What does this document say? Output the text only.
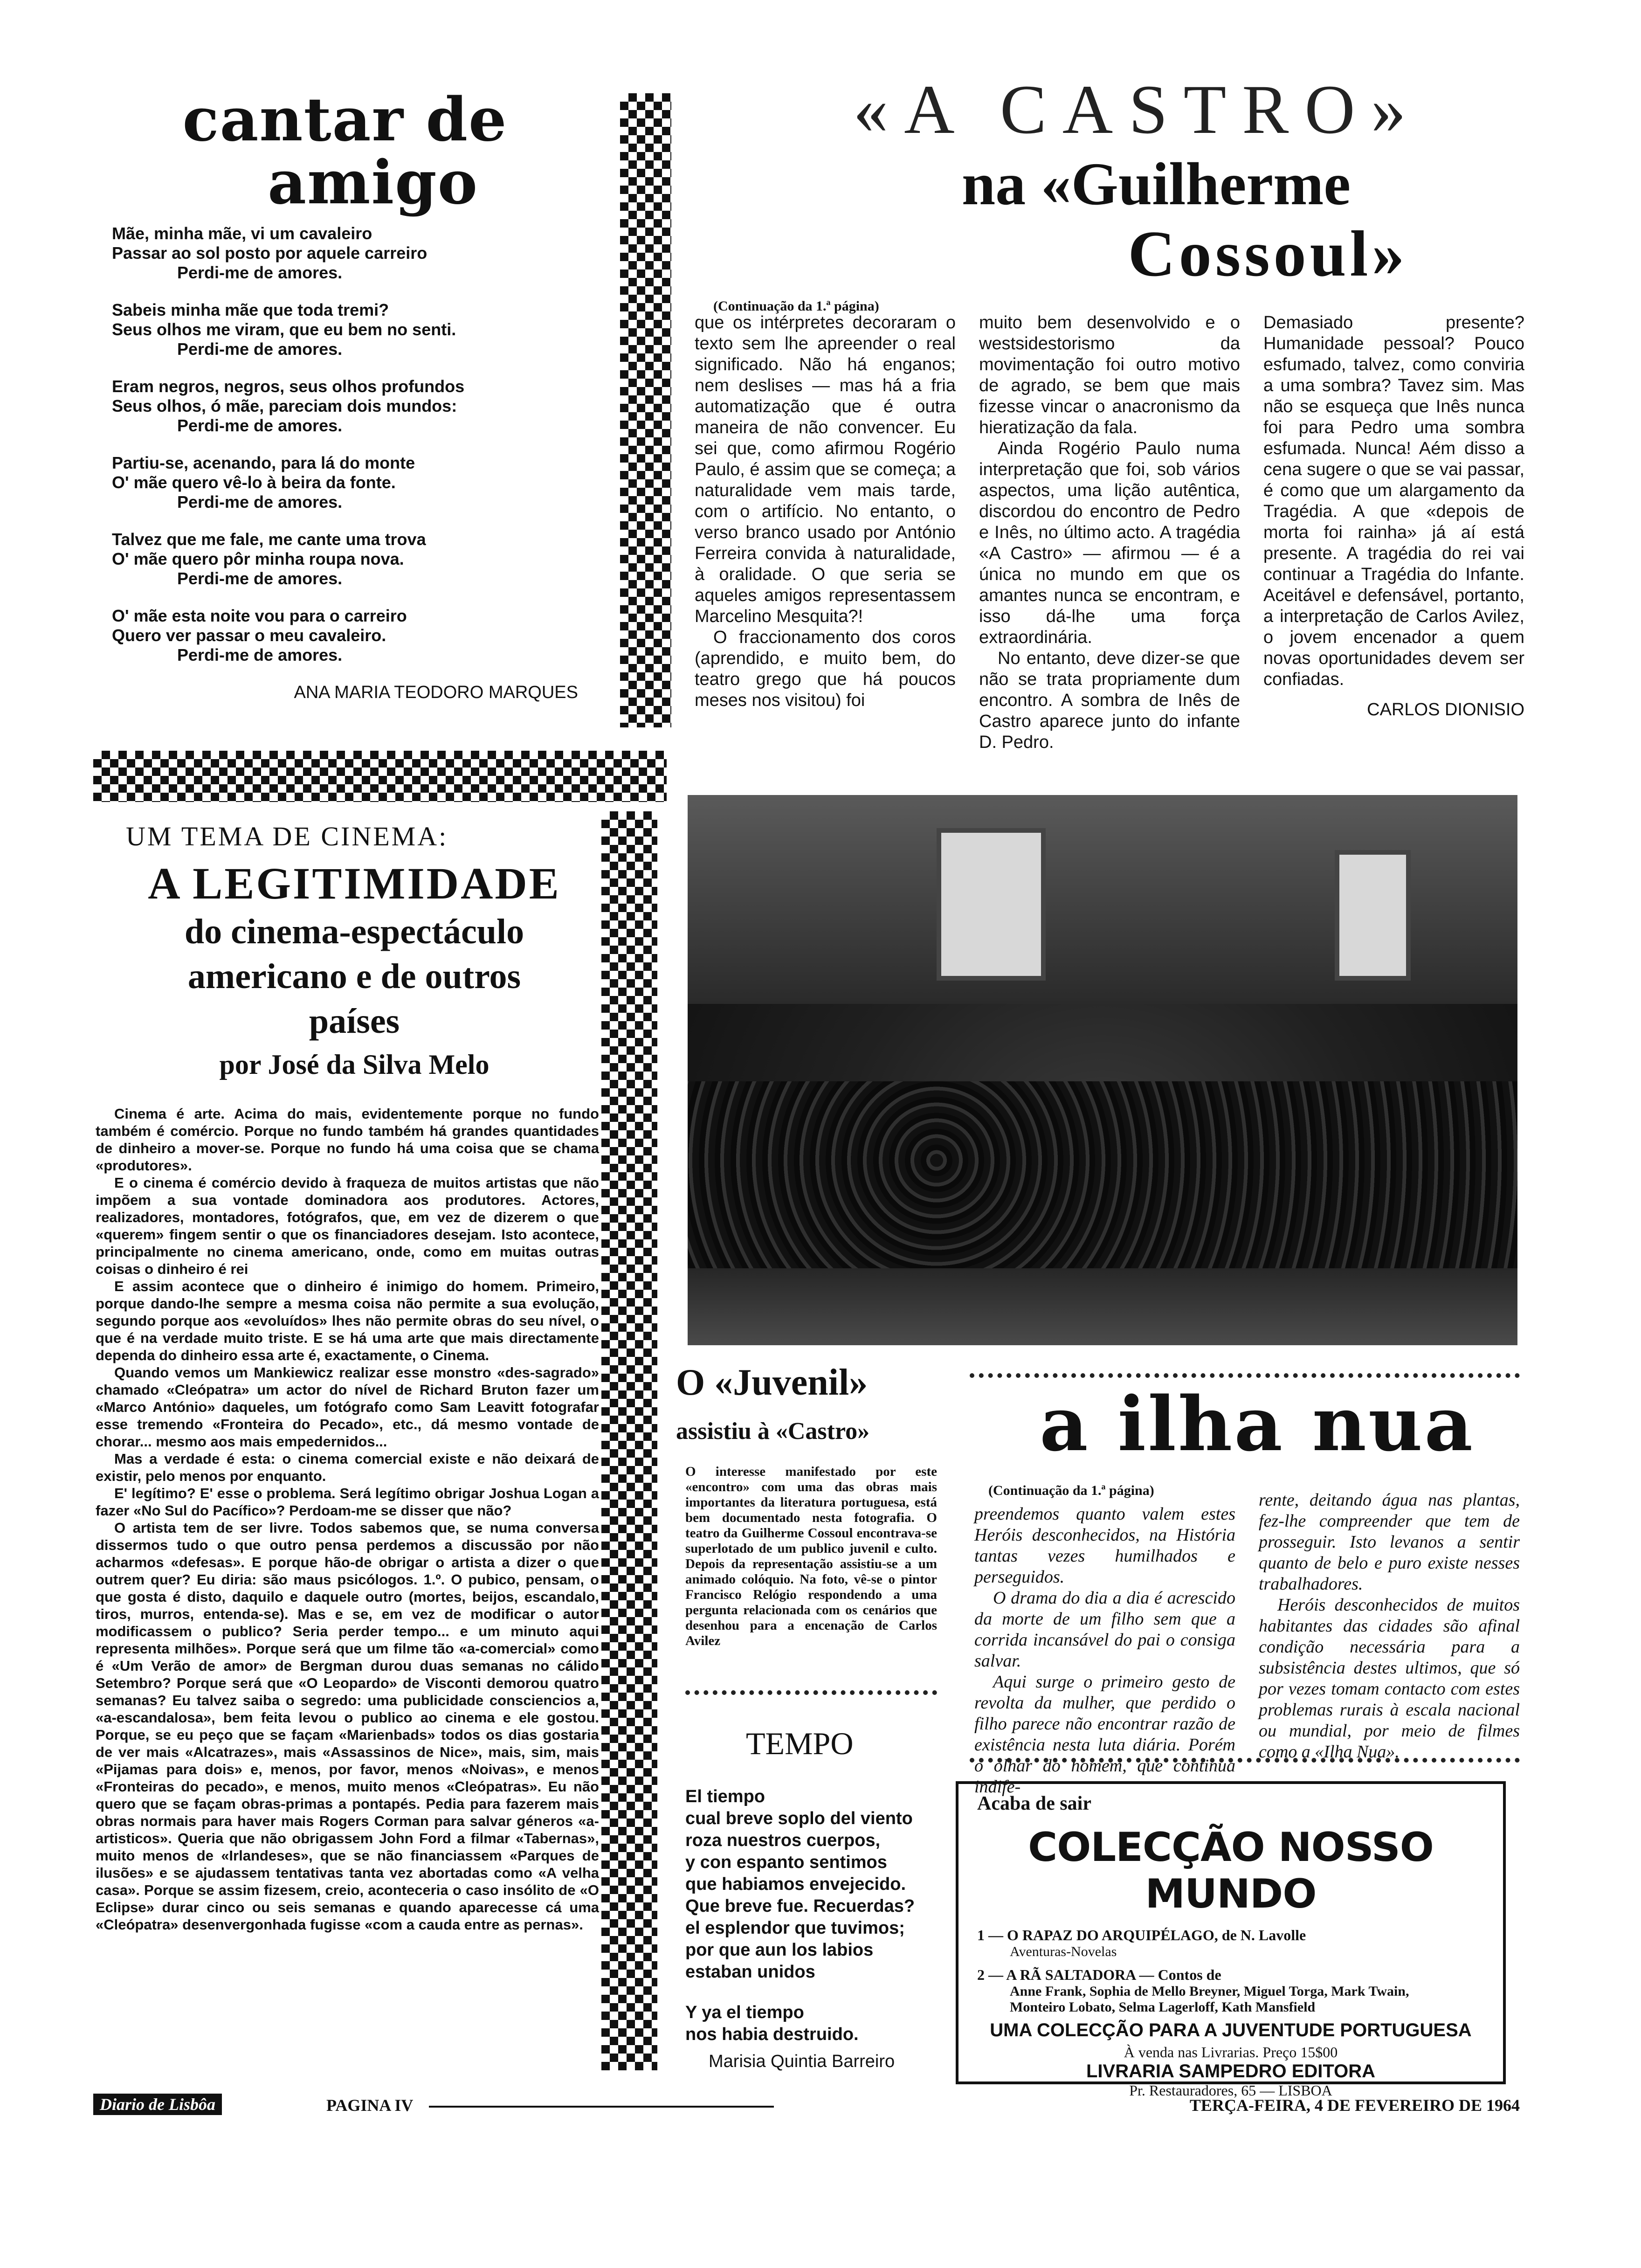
cantar de
amigo

Mãe, minha mãe, vi um cavaleiro

Passar ao sol posto por aquele carreiro

Perdi-me de amores.

Sabeis minha mãe que toda tremi?

Seus olhos me viram, que eu bem no senti.

Perdi-me de amores.

Eram negros, negros, seus olhos profundos

Seus olhos, ó mãe, pareciam dois mundos:

Perdi-me de amores.

Partiu-se, acenando, para lá do monte

O' mãe quero vê-lo à beira da fonte.

Perdi-me de amores.

Talvez que me fale, me cante uma trova

O' mãe quero pôr minha roupa nova.

Perdi-me de amores.

O' mãe esta noite vou para o carreiro

Quero ver passar o meu cavaleiro.

Perdi-me de amores.

ANA MARIA TEODORO MARQUES
«A CASTRO»
na «Guilherme
Cossoul»
(Continuação da 1.ª página)

que os intérpretes decoraram o texto sem lhe apreender o real significado. Não há enganos; nem deslises — mas há a fria automatização que é outra maneira de não convencer. Eu sei que, como afirmou Rogério Paulo, é assim que se começa; a naturalidade vem mais tarde, com o artifício. No entanto, o verso branco usado por António Ferreira convida à naturalidade, à oralidade. O que seria se aqueles amigos representassem Marcelino Mesquita?!

O fraccionamento dos coros (aprendido, e muito bem, do teatro grego que há poucos meses nos visitou) foi

muito bem desenvolvido e o westsidestorismo da movimentação foi outro motivo de agrado, se bem que mais fizesse vincar o anacronismo da hieratização da fala.

Ainda Rogério Paulo numa interpretação que foi, sob vários aspectos, uma lição autêntica, discordou do encontro de Pedro e Inês, no último acto. A tragédia «A Castro» — afirmou — é a única no mundo em que os amantes nunca se encontram, e isso dá-lhe uma força extraordinária.

No entanto, deve dizer-se que não se trata propriamente dum encontro. A sombra de Inês de Castro aparece junto do infante D. Pedro.

Demasiado presente? Humanidade pessoal? Pouco esfumado, talvez, como conviria a uma sombra? Tavez sim. Mas não se esqueça que Inês nunca foi para Pedro uma sombra esfumada. Nunca! Aém disso a cena sugere o que se vai passar, é como que um alargamento da Tragédia. A que «depois de morta foi rainha» já aí está presente. A tragédia do rei vai continuar a Tragédia do Infante. Aceitável e defensável, portanto, a interpretação de Carlos Avilez, o jovem encenador a quem novas oportunidades devem ser confiadas.

CARLOS DIONISIO
UM TEMA DE CINEMA:
A LEGITIMIDADE
do cinema-espectáculo
americano e de outros
países
por José da Silva Melo

Cinema é arte. Acima do mais, evidentemente porque no fundo também é comércio. Porque no fundo também há grandes quantidades de dinheiro a mover-se. Porque no fundo há uma coisa que se chama «produtores».

E o cinema é comércio devido à fraqueza de muitos artistas que não impõem a sua vontade dominadora aos produtores. Actores, realizadores, montadores, fotógrafos, que, em vez de dizerem o que «querem» fingem sentir o que os financiadores desejam. Isto acontece, principalmente no cinema americano, onde, como em muitas outras coisas o dinheiro é rei

E assim acontece que o dinheiro é inimigo do homem. Primeiro, porque dando-lhe sempre a mesma coisa não permite a sua evolução, segundo porque aos «evoluídos» lhes não permite obras do seu nível, o que é na verdade muito triste. E se há uma arte que mais directamente dependa do dinheiro essa arte é, exactamente, o Cinema.

Quando vemos um Mankiewicz realizar esse monstro «des-sagrado» chamado «Cleópatra» um actor do nível de Richard Bruton fazer um «Marco António» daqueles, um fotógrafo como Sam Leavitt fotografar esse tremendo «Fronteira do Pecado», etc., dá mesmo vontade de chorar... mesmo aos mais empedernidos...

Mas a verdade é esta: o cinema comercial existe e não deixará de existir, pelo menos por enquanto.

E' legítimo? E' esse o problema. Será legítimo obrigar Joshua Logan a fazer «No Sul do Pacífico»? Perdoam-me se disser que não?

O artista tem de ser livre. Todos sabemos que, se numa conversa dissermos tudo o que outro pensa perdemos a discussão por não acharmos «defesas». E porque hão-de obrigar o artista a dizer o que outrem quer? Eu diria: são maus psicólogos. 1.º. O pubico, pensam, o que gosta é disto, daquilo e daquele outro (mortes, beijos, escandalo, tiros, murros, entenda-se). Mas e se, em vez de modificar o autor modificassem o publico? Seria perder tempo... e um minuto aqui representa milhões». Porque será que um filme tão «a-comercial» como é «Um Verão de amor» de Bergman durou duas semanas no cálido Setembro? Porque será que «O Leopardo» de Visconti demorou quatro semanas? Eu talvez saiba o segredo: uma publicidade consciencios a, «a-escandalosa», bem feita levou o publico ao cinema e ele gostou. Porque, se eu peço que se façam «Marienbads» todos os dias gostaria de ver mais «Alcatrazes», mais «Assassinos de Nice», mais, sim, mais «Pijamas para dois» e, menos, por favor, menos «Noivas», e menos «Fronteiras do pecado», e menos, muito menos «Cleópatras». Eu não quero que se façam obras-primas a pontapés. Pedia para fazerem mais obras normais para haver mais Rogers Corman para salvar géneros «a-artisticos». Queria que não obrigassem John Ford a filmar «Tabernas», muito menos de «Irlandeses», que se não financiassem «Parques de ilusões» e se ajudassem tentativas tanta vez abortadas como «A velha casa». Porque se assim fizesem, creio, aconteceria o caso insólito de «O Eclipse» durar cinco ou seis semanas e quando aparecesse cá uma «Cleópatra» desenvergonhada fugisse «com a cauda entre as pernas».

O «Juvenil»
assistiu à «Castro»
O interesse manifestado por este «encontro» com uma das obras mais importantes da literatura portuguesa, está bem documentado nesta fotografia. O teatro da Guilherme Cossoul encontrava-se superlotado de um publico juvenil e culto. Depois da representação assistiu-se a um animado colóquio. Na foto, vê-se o pintor Francisco Relógio respondendo a uma pergunta relacionada com os cenários que desenhou para a encenação de Carlos Avilez
TEMPO
El tiempo
cual breve soplo del viento
roza nuestros cuerpos,
y con espanto sentimos
que habiamos envejecido.
Que breve fue. Recuerdas?
el esplendor que tuvimos;
por que aun los labios
estaban unidos
Y ya el tiempo
nos habia destruido.
Marisia Quintia Barreiro
a ilha nua
(Continuação da 1.ª página)

preendemos quanto valem estes Heróis desconhecidos, na História tantas vezes humilhados e perseguidos.

O drama do dia a dia é acrescido da morte de um filho sem que a corrida incansável do pai o consiga salvar.

Aqui surge o primeiro gesto de revolta da mulher, que perdido o filho parece não encontrar razão de existência nesta luta diária. Porém o olhar do homem, que continua indife-

rente, deitando água nas plantas, fez-lhe compreender que tem de prosseguir. Isto levanos a sentir quanto de belo e puro existe nesses trabalhadores.

Heróis desconhecidos de muitos habitantes das cidades são afinal condição necessária para a subsistência destes ultimos, que só por vezes tomam contacto com estes problemas rurais à escala nacional ou mundial, por meio de filmes como a «Ilha Nua».

Acaba de sair
COLECÇÃO NOSSO MUNDO
1 — O RAPAZ DO ARQUIPÉLAGO, de N. Lavolle
Aventuras-Novelas
2 — A RÃ SALTADORA — Contos de
Anne Frank, Sophia de Mello Breyner, Miguel Torga, Mark Twain,
Monteiro Lobato, Selma Lagerloff, Kath Mansfield
UMA COLECÇÃO PARA A JUVENTUDE PORTUGUESA
À venda nas Livrarias. Preço 15$00
LIVRARIA SAMPEDRO EDITORA
Pr. Restauradores, 65 — LISBOA
Diario de Lisbôa	PAGINA IV	TERÇA-FEIRA, 4 DE FEVEREIRO DE 1964
